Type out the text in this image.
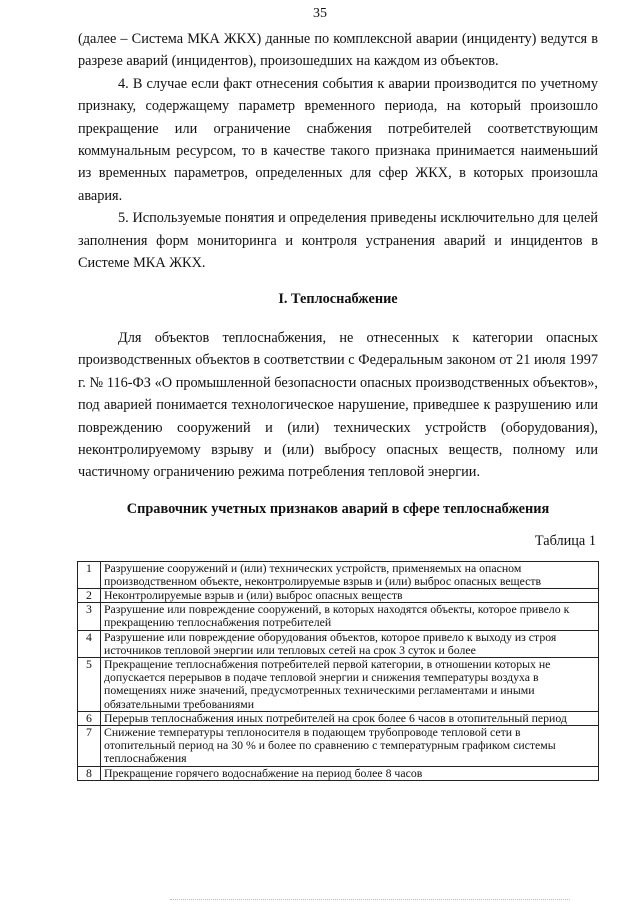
35

(далее – Система МКА ЖКХ) данные по комплексной аварии (инциденту) ведутся в разрезе аварий (инцидентов), произошедших на каждом из объектов.

4. В случае если факт отнесения события к аварии производится по учетному признаку, содержащему параметр временного периода, на который произошло прекращение или ограничение снабжения потребителей соответствующим коммунальным ресурсом, то в качестве такого признака принимается наименьший из временных параметров, определенных для сфер ЖКХ, в которых произошла авария.

5. Используемые понятия и определения приведены исключительно для целей заполнения форм мониторинга и контроля устранения аварий и инцидентов в Системе МКА ЖКХ.

I. Теплоснабжение

Для объектов теплоснабжения, не отнесенных к категории опасных производственных объектов в соответствии с Федеральным законом от 21 июля 1997 г. № 116-ФЗ «О промышленной безопасности опасных производственных объектов», под аварией понимается технологическое нарушение, приведшее к разрушению или повреждению сооружений и (или) технических устройств (оборудования), неконтролируемому взрыву и (или) выбросу опасных веществ, полному или частичному ограничению режима потребления тепловой энергии.

Справочник учетных признаков аварий в сфере теплоснабжения

Таблица 1

1	Разрушение сооружений и (или) технических устройств, применяемых на опасном производственном объекте, неконтролируемые взрыв и (или) выброс опасных веществ
2	Неконтролируемые взрыв и (или) выброс опасных веществ
3	Разрушение или повреждение сооружений, в которых находятся объекты, которое привело к прекращению теплоснабжения потребителей
4	Разрушение или повреждение оборудования объектов, которое привело к выходу из строя источников тепловой энергии или тепловых сетей на срок 3 суток и более
5	Прекращение теплоснабжения потребителей первой категории, в отношении которых не допускается перерывов в подаче тепловой энергии и снижения температуры воздуха в помещениях ниже значений, предусмотренных техническими регламентами и иными обязательными требованиями
6	Перерыв теплоснабжения иных потребителей на срок более 6 часов в отопительный период
7	Снижение температуры теплоносителя в подающем трубопроводе тепловой сети в отопительный период на 30 % и более по сравнению с температурным графиком системы теплоснабжения
8	Прекращение горячего водоснабжение на период более 8 часов
